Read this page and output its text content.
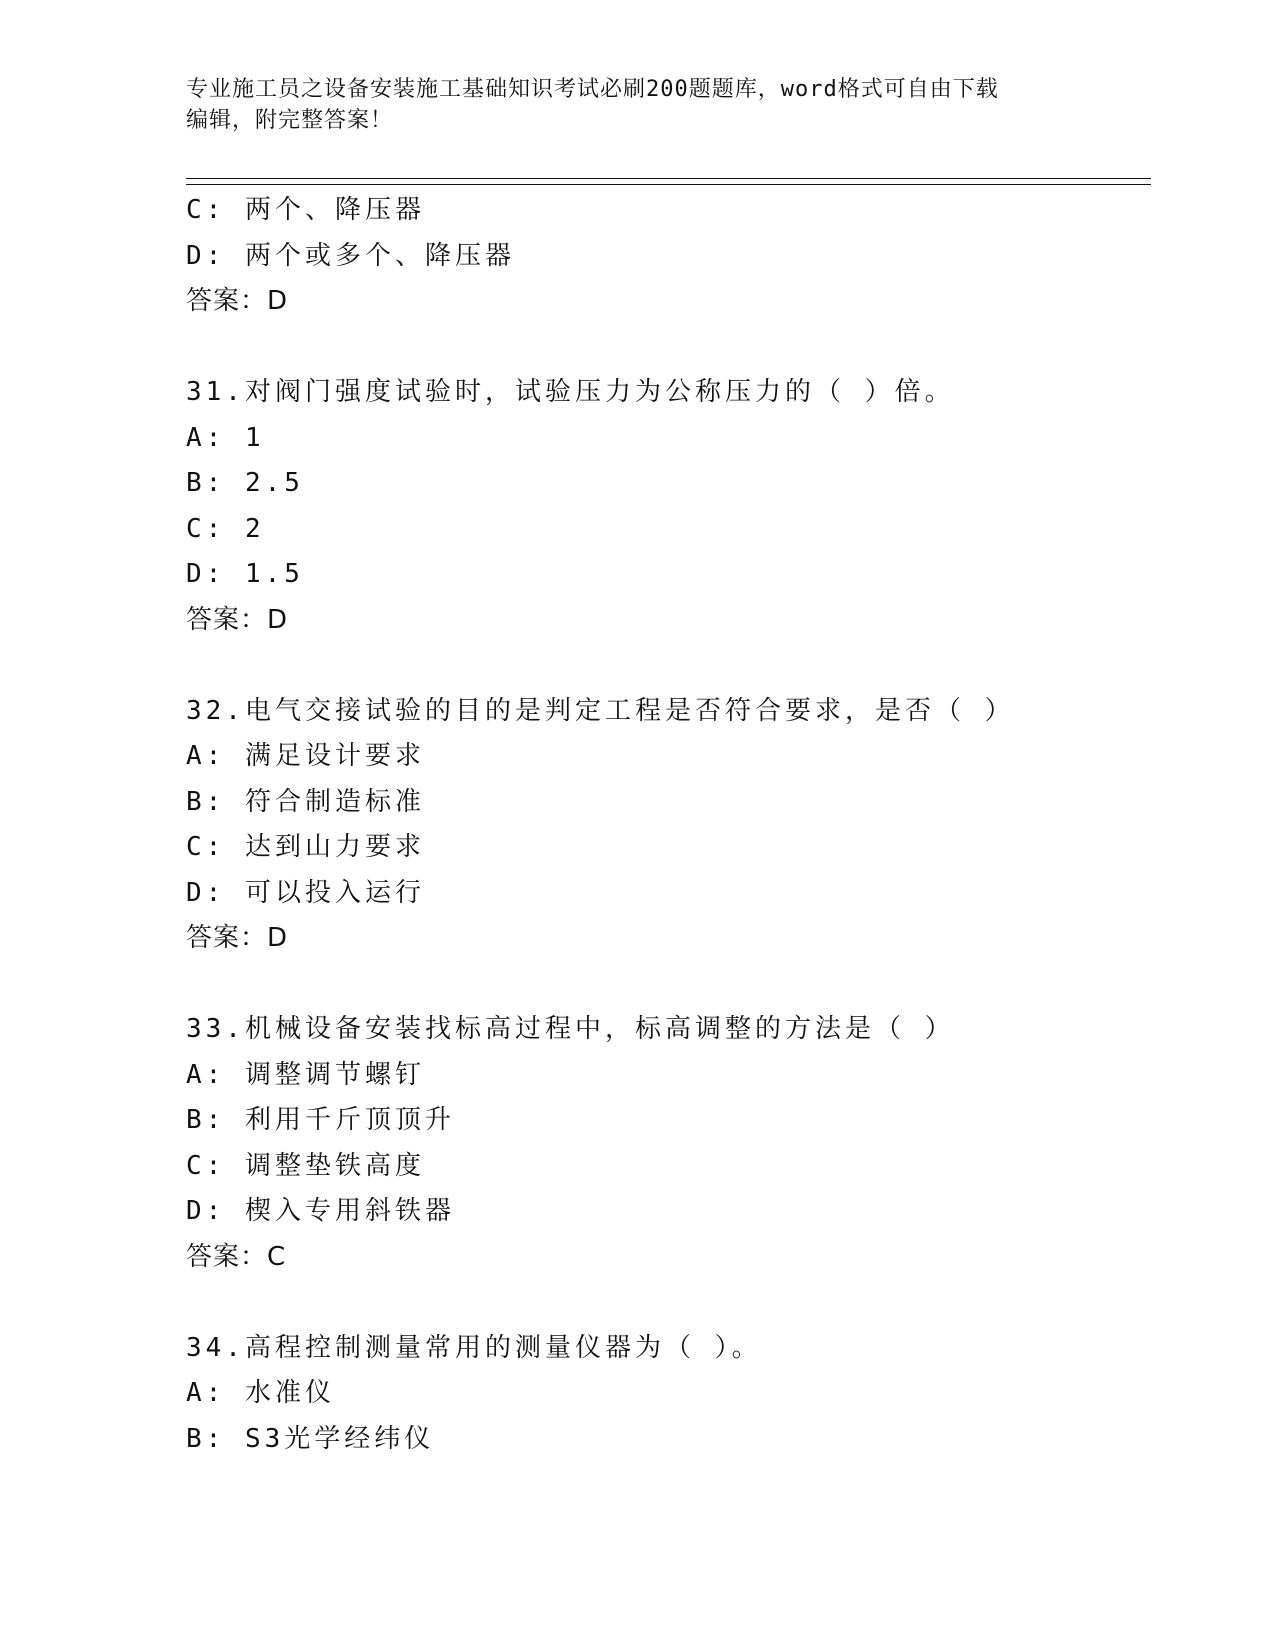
专业施工员之设备安装施工基础知识考试必刷200题题库，word格式可自由下载
编辑，附完整答案！
C: 两个、降压器
D: 两个或多个、降压器
答案：D
31.对阀门强度试验时，试验压力为公称压力的（ ）倍。
A: 1
B: 2.5
C: 2
D: 1.5
答案：D
32.电气交接试验的目的是判定工程是否符合要求，是否（ ）
A: 满足设计要求
B: 符合制造标准
C: 达到山力要求
D: 可以投入运行
答案：D
33.机械设备安装找标高过程中，标高调整的方法是（ ）
A: 调整调节螺钉
B: 利用千斤顶顶升
C: 调整垫铁高度
D: 楔入专用斜铁器
答案：C
34.高程控制测量常用的测量仪器为（ ）。
A: 水准仪
B: S3光学经纬仪
